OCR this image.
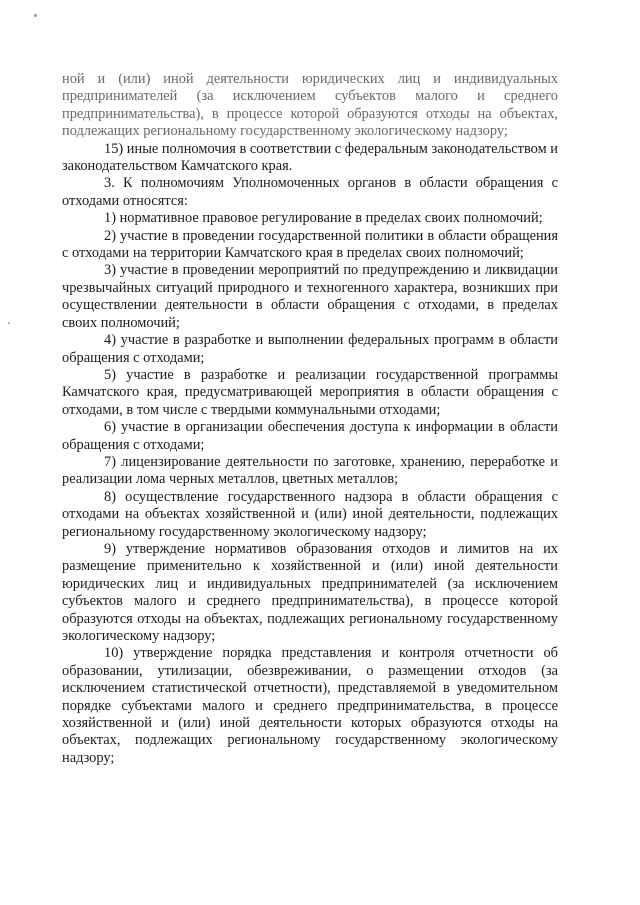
ной и (или) иной деятельности юридических лиц и индивидуальных предпринимателей (за исключением субъектов малого и среднего предпринимательства), в процессе которой образуются отходы на объектах, подлежащих региональному государственному экологическому надзору;

15) иные полномочия в соответствии с федеральным законодательством и законодательством Камчатского края.

3. К полномочиям Уполномоченных органов в области обращения с отходами относятся:

1) нормативное правовое регулирование в пределах своих полномочий;

2) участие в проведении государственной политики в области обращения с отходами на территории Камчатского края в пределах своих полномочий;

3) участие в проведении мероприятий по предупреждению и ликвидации чрезвычайных ситуаций природного и техногенного характера, возникших при осуществлении деятельности в области обращения с отходами, в пределах своих полномочий;

4) участие в разработке и выполнении федеральных программ в области обращения с отходами;

5) участие в разработке и реализации государственной программы Камчатского края, предусматривающей мероприятия в области обращения с отходами, в том числе с твердыми коммунальными отходами;

6) участие в организации обеспечения доступа к информации в области обращения с отходами;

7) лицензирование деятельности по заготовке, хранению, переработке и реализации лома черных металлов, цветных металлов;

8) осуществление государственного надзора в области обращения с отходами на объектах хозяйственной и (или) иной деятельности, подлежащих региональному государственному экологическому надзору;

9) утверждение нормативов образования отходов и лимитов на их размещение применительно к хозяйственной и (или) иной деятельности юридических лиц и индивидуальных предпринимателей (за исключением субъектов малого и среднего предпринимательства), в процессе которой образуются отходы на объектах, подлежащих региональному государственному экологическому надзору;

10) утверждение порядка представления и контроля отчетности об образовании, утилизации, обезвреживании, о размещении отходов (за исключением статистической отчетности), представляемой в уведомительном порядке субъектами малого и среднего предпринимательства, в процессе хозяйственной и (или) иной деятельности которых образуются отходы на объектах, подлежащих региональному государственному экологическому надзору;
